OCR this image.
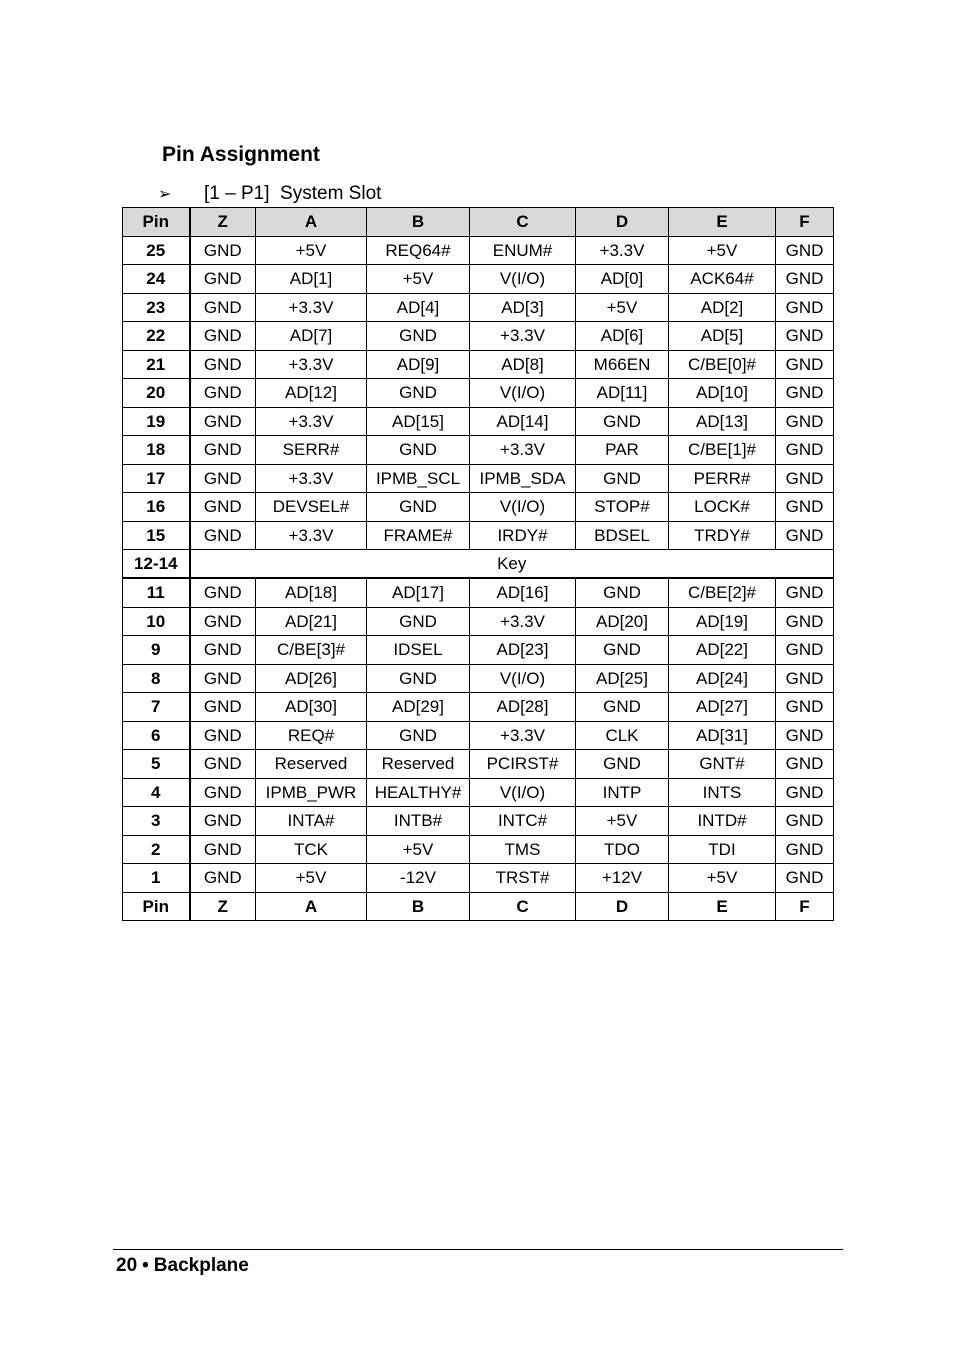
Pin Assignment
➢	[1 – P1]  System Slot
Pin	Z	A	B	C	D	E	F
25	GND	+5V	REQ64#	ENUM#	+3.3V	+5V	GND
24	GND	AD[1]	+5V	V(I/O)	AD[0]	ACK64#	GND
23	GND	+3.3V	AD[4]	AD[3]	+5V	AD[2]	GND
22	GND	AD[7]	GND	+3.3V	AD[6]	AD[5]	GND
21	GND	+3.3V	AD[9]	AD[8]	M66EN	C/BE[0]#	GND
20	GND	AD[12]	GND	V(I/O)	AD[11]	AD[10]	GND
19	GND	+3.3V	AD[15]	AD[14]	GND	AD[13]	GND
18	GND	SERR#	GND	+3.3V	PAR	C/BE[1]#	GND
17	GND	+3.3V	IPMB_SCL	IPMB_SDA	GND	PERR#	GND
16	GND	DEVSEL#	GND	V(I/O)	STOP#	LOCK#	GND
15	GND	+3.3V	FRAME#	IRDY#	BDSEL	TRDY#	GND
12-14	Key						
11	GND	AD[18]	AD[17]	AD[16]	GND	C/BE[2]#	GND
10	GND	AD[21]	GND	+3.3V	AD[20]	AD[19]	GND
9	GND	C/BE[3]#	IDSEL	AD[23]	GND	AD[22]	GND
8	GND	AD[26]	GND	V(I/O)	AD[25]	AD[24]	GND
7	GND	AD[30]	AD[29]	AD[28]	GND	AD[27]	GND
6	GND	REQ#	GND	+3.3V	CLK	AD[31]	GND
5	GND	Reserved	Reserved	PCIRST#	GND	GNT#	GND
4	GND	IPMB_PWR	HEALTHY#	V(I/O)	INTP	INTS	GND
3	GND	INTA#	INTB#	INTC#	+5V	INTD#	GND
2	GND	TCK	+5V	TMS	TDO	TDI	GND
1	GND	+5V	-12V	TRST#	+12V	+5V	GND
Pin	Z	A	B	C	D	E	F
20 • Backplane
